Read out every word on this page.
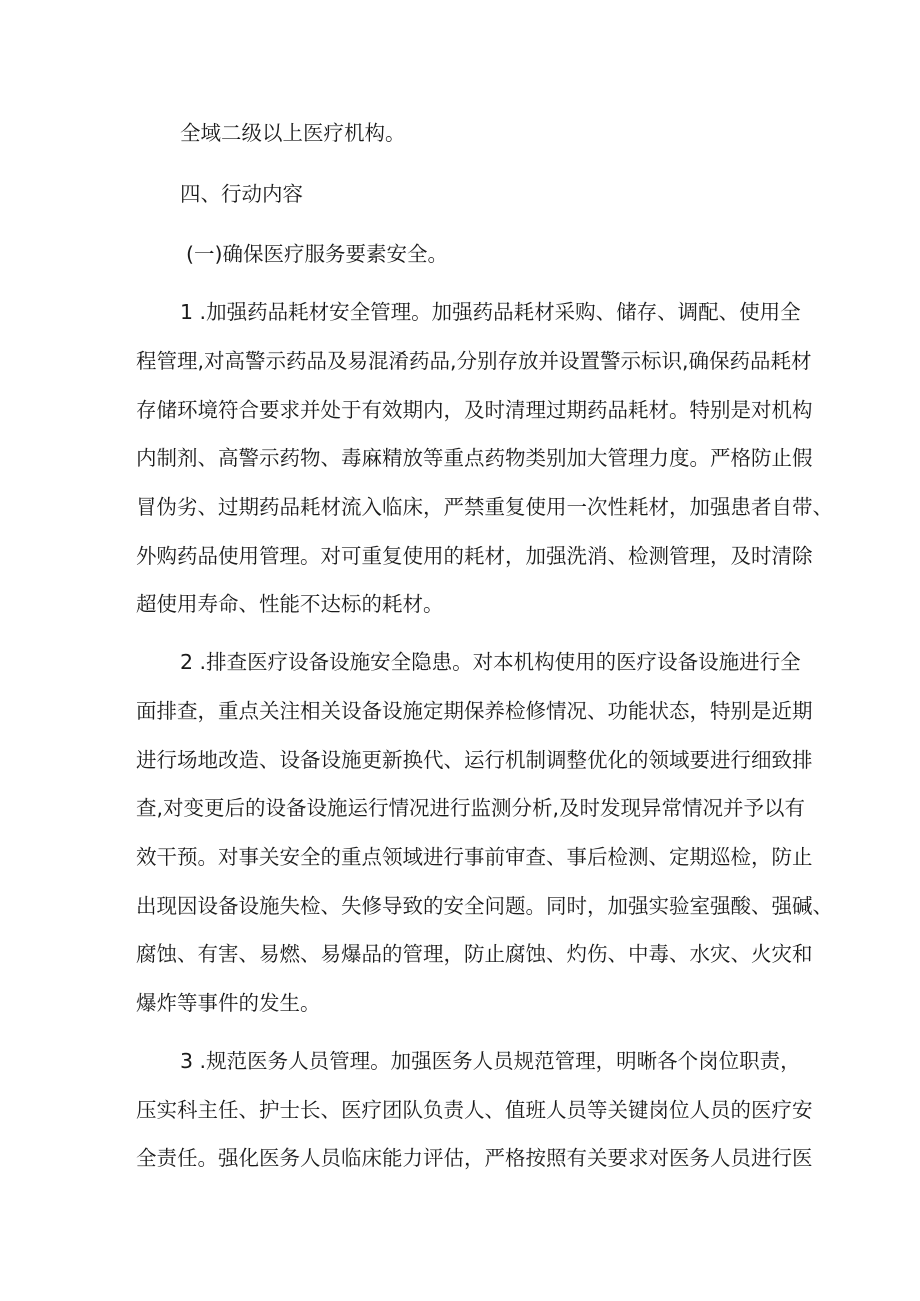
全域二级以上医疗机构。
四、行动内容
(一)确保医疗服务要素安全。
1 .加强药品耗材安全管理。加强药品耗材采购、储存、调配、使用全
程管理,对高警示药品及易混淆药品,分别存放并设置警示标识,确保药品耗材
存储环境符合要求并处于有效期内，及时清理过期药品耗材。特别是对机构
内制剂、高警示药物、毒麻精放等重点药物类别加大管理力度。严格防止假
冒伪劣、过期药品耗材流入临床，严禁重复使用一次性耗材，加强患者自带、
外购药品使用管理。对可重复使用的耗材，加强洗消、检测管理，及时清除
超使用寿命、性能不达标的耗材。
2 .排查医疗设备设施安全隐患。对本机构使用的医疗设备设施进行全
面排查，重点关注相关设备设施定期保养检修情况、功能状态，特别是近期
进行场地改造、设备设施更新换代、运行机制调整优化的领域要进行细致排
查,对变更后的设备设施运行情况进行监测分析,及时发现异常情况并予以有
效干预。对事关安全的重点领域进行事前审查、事后检测、定期巡检，防止
出现因设备设施失检、失修导致的安全问题。同时，加强实验室强酸、强碱、
腐蚀、有害、易燃、易爆品的管理，防止腐蚀、灼伤、中毒、水灾、火灾和
爆炸等事件的发生。
3 .规范医务人员管理。加强医务人员规范管理，明晰各个岗位职责，
压实科主任、护士长、医疗团队负责人、值班人员等关键岗位人员的医疗安
全责任。强化医务人员临床能力评估，严格按照有关要求对医务人员进行医
